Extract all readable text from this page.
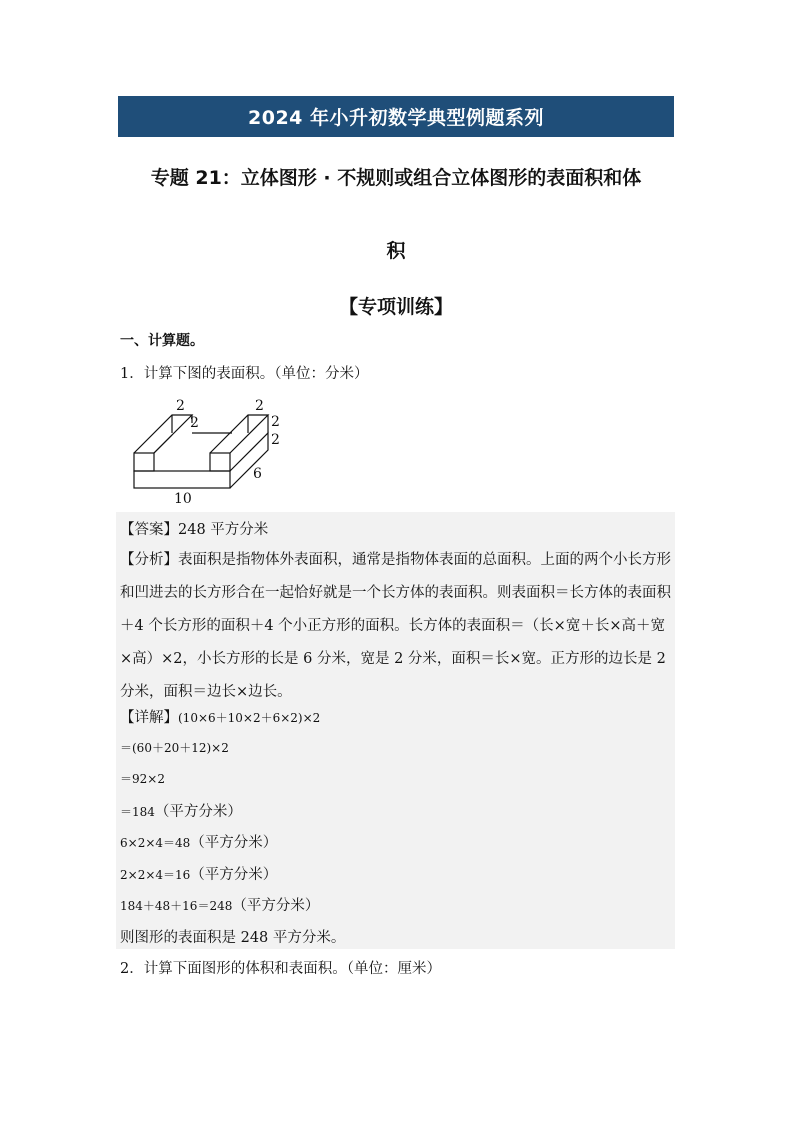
2024 年小升初数学典型例题系列
专题 21：立体图形 · 不规则或组合立体图形的表面积和体
积
【专项训练】
一、计算题。
1．计算下图的表面积。（单位：分米）
2
2
2
2
2
6
10
【答案】248 平方分米
【分析】表面积是指物体外表面积，通常是指物体表面的总面积。上面的两个小长方形和凹进去的长方形合在一起恰好就是一个长方体的表面积。则表面积＝长方体的表面积＋4 个长方形的面积＋4 个小正方形的面积。长方体的表面积＝（长×宽＋长×高＋宽×高）×2，小长方形的长是 6 分米，宽是 2 分米，面积＝长×宽。正方形的边长是 2 分米，面积＝边长×边长。
【详解】(10×6＋10×2＋6×2)×2
＝(60＋20＋12)×2
＝92×2
＝184（平方分米）
6×2×4＝48（平方分米）
2×2×4＝16（平方分米）
184＋48＋16＝248（平方分米）
则图形的表面积是 248 平方分米。
2．计算下面图形的体积和表面积。（单位：厘米）
